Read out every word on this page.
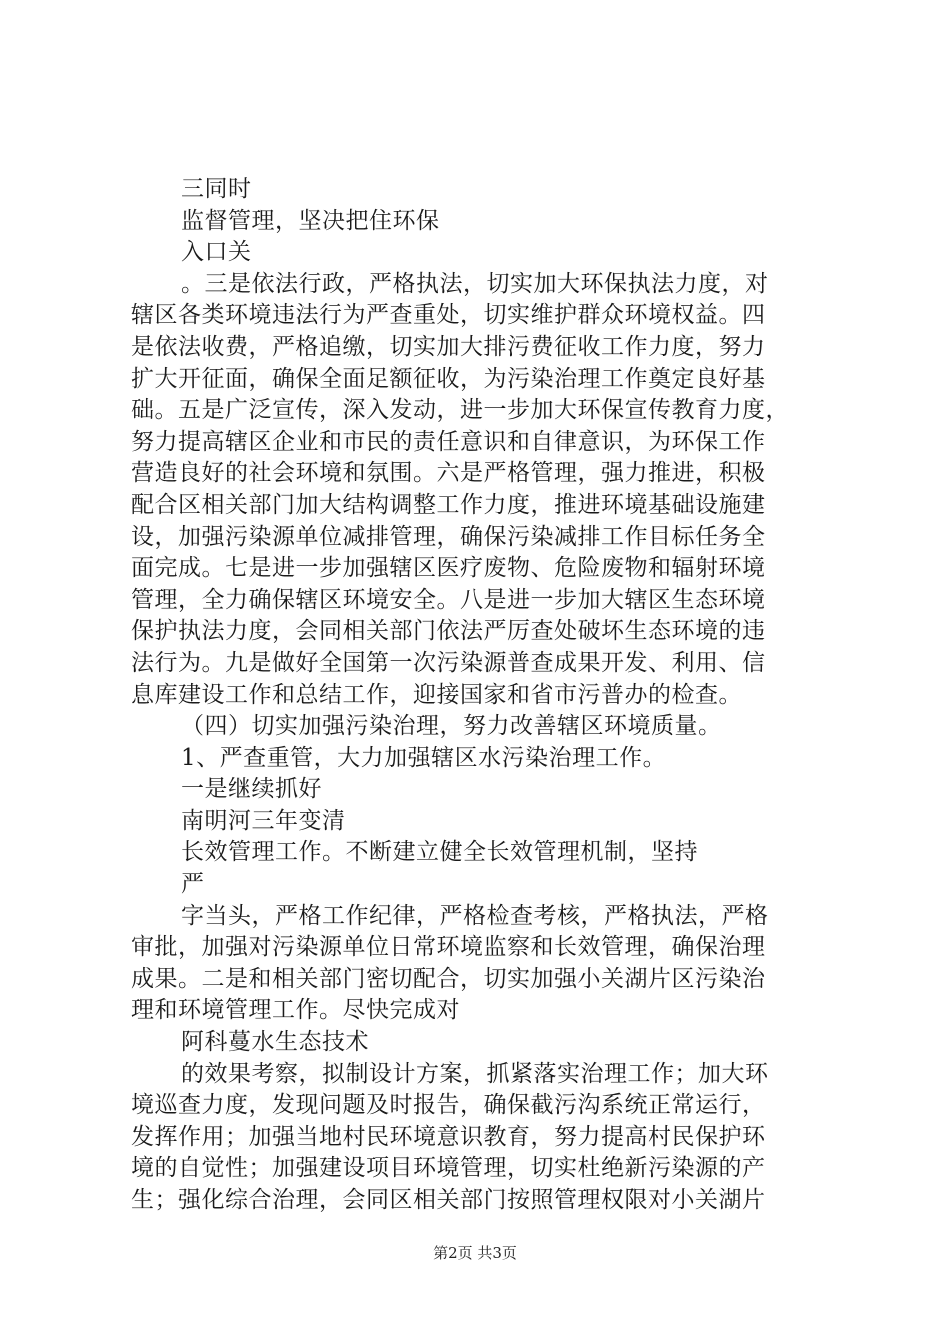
三同时
监督管理，坚决把住环保
入口关
。三是依法行政，严格执法，切实加大环保执法力度，对
辖区各类环境违法行为严查重处，切实维护群众环境权益。四
是依法收费，严格追缴，切实加大排污费征收工作力度，努力
扩大开征面，确保全面足额征收，为污染治理工作奠定良好基
础。五是广泛宣传，深入发动，进一步加大环保宣传教育力度，
努力提高辖区企业和市民的责任意识和自律意识，为环保工作
营造良好的社会环境和氛围。六是严格管理，强力推进，积极
配合区相关部门加大结构调整工作力度，推进环境基础设施建
设，加强污染源单位减排管理，确保污染减排工作目标任务全
面完成。七是进一步加强辖区医疗废物、危险废物和辐射环境
管理，全力确保辖区环境安全。八是进一步加大辖区生态环境
保护执法力度，会同相关部门依法严厉查处破坏生态环境的违
法行为。九是做好全国第一次污染源普查成果开发、利用、信
息库建设工作和总结工作，迎接国家和省市污普办的检查。
（四）切实加强污染治理，努力改善辖区环境质量。
1、严查重管，大力加强辖区水污染治理工作。
一是继续抓好
南明河三年变清
长效管理工作。不断建立健全长效管理机制，坚持
严
字当头，严格工作纪律，严格检查考核，严格执法，严格
审批，加强对污染源单位日常环境监察和长效管理，确保治理
成果。二是和相关部门密切配合，切实加强小关湖片区污染治
理和环境管理工作。尽快完成对
阿科蔓水生态技术
的效果考察，拟制设计方案，抓紧落实治理工作；加大环
境巡查力度，发现问题及时报告，确保截污沟系统正常运行，
发挥作用；加强当地村民环境意识教育，努力提高村民保护环
境的自觉性；加强建设项目环境管理，切实杜绝新污染源的产
生；强化综合治理，会同区相关部门按照管理权限对小关湖片
第2页 共3页
